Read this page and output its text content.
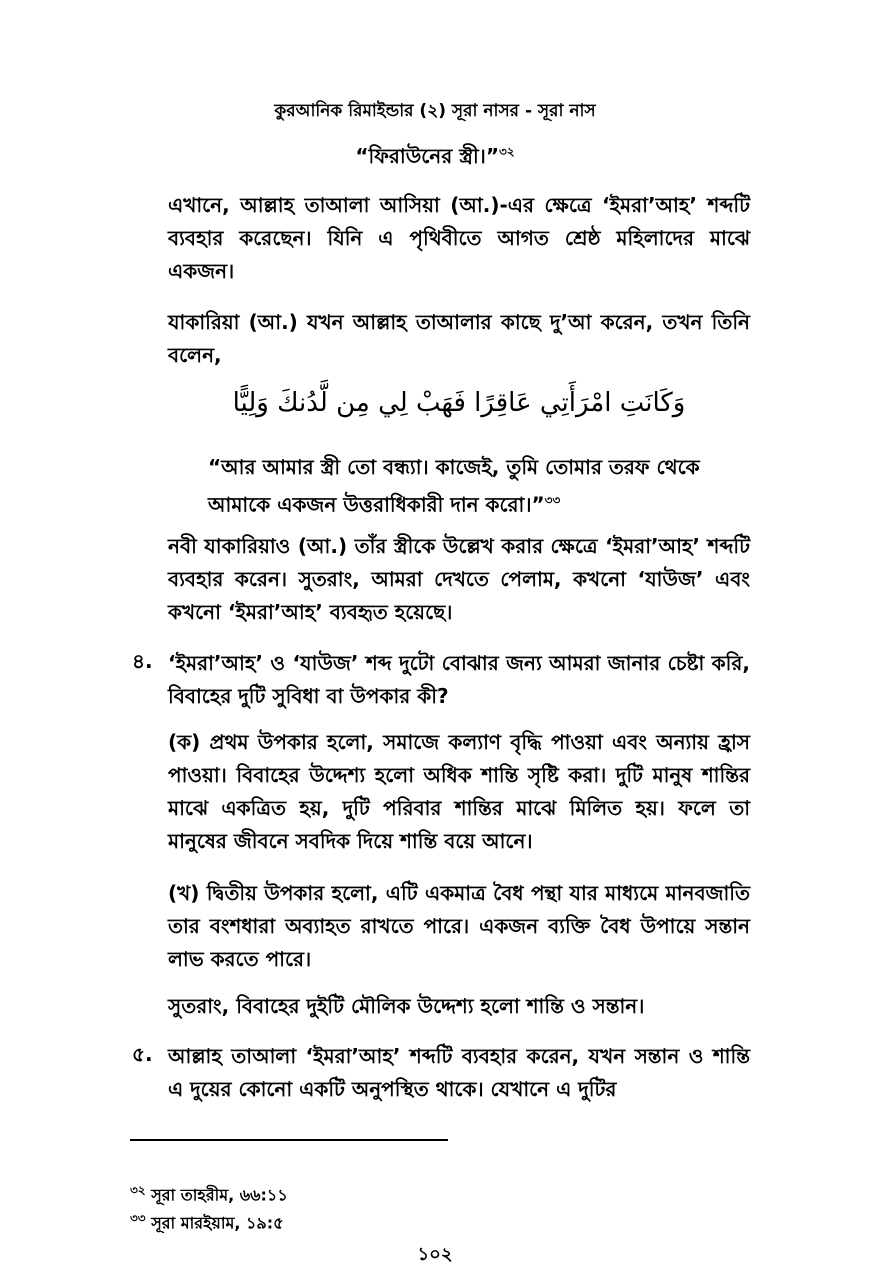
কুরআনিক রিমাইন্ডার (২) সূরা নাসর - সূরা নাস
“ফিরাউনের স্ত্রী।”$^{৩২}$
এখানে, আল্লাহ তাআলা আসিয়া (আ.)-এর ক্ষেত্রে ‘ইমরা’আহ’ শব্দটি ব্যবহার করেছেন। যিনি এ পৃথিবীতে আগত শ্রেষ্ঠ মহিলাদের মাঝে একজন।
যাকারিয়া (আ.) যখন আল্লাহ তাআলার কাছে দু’আ করেন, তখন তিনি বলেন,
وَكَانَتِ امْرَأَتِي عَاقِرًا فَهَبْ لِي مِن لَّدُنكَ وَلِيًّا
“আর আমার স্ত্রী তো বন্ধ্যা। কাজেই, তুমি তোমার তরফ থেকে আমাকে একজন উত্তরাধিকারী দান করো।”$^{৩৩}$
নবী যাকারিয়াও (আ.) তাঁর স্ত্রীকে উল্লেখ করার ক্ষেত্রে ‘ইমরা’আহ’ শব্দটি ব্যবহার করেন। সুতরাং, আমরা দেখতে পেলাম, কখনো ‘যাউজ’ এবং কখনো ‘ইমরা’আহ’ ব্যবহৃত হয়েছে।
৪. ‘ইমরা’আহ’ ও ‘যাউজ’ শব্দ দুটো বোঝার জন্য আমরা জানার চেষ্টা করি, বিবাহের দুটি সুবিধা বা উপকার কী?
(ক) প্রথম উপকার হলো, সমাজে কল্যাণ বৃদ্ধি পাওয়া এবং অন্যায় হ্রাস পাওয়া। বিবাহের উদ্দেশ্য হলো অধিক শান্তি সৃষ্টি করা। দুটি মানুষ শান্তির মাঝে একত্রিত হয়, দুটি পরিবার শান্তির মাঝে মিলিত হয়। ফলে তা মানুষের জীবনে সবদিক দিয়ে শান্তি বয়ে আনে।
(খ) দ্বিতীয় উপকার হলো, এটি একমাত্র বৈধ পন্থা যার মাধ্যমে মানবজাতি তার বংশধারা অব্যাহত রাখতে পারে। একজন ব্যক্তি বৈধ উপায়ে সন্তান লাভ করতে পারে।
সুতরাং, বিবাহের দুইটি মৌলিক উদ্দেশ্য হলো শান্তি ও সন্তান।
৫. আল্লাহ তাআলা ‘ইমরা’আহ’ শব্দটি ব্যবহার করেন, যখন সন্তান ও শান্তি এ দুয়ের কোনো একটি অনুপস্থিত থাকে। যেখানে এ দুটির
$^{৩২}$ সূরা তাহরীম, ৬৬:১১
$^{৩৩}$ সূরা মারইয়াম, ১৯:৫
১০২
